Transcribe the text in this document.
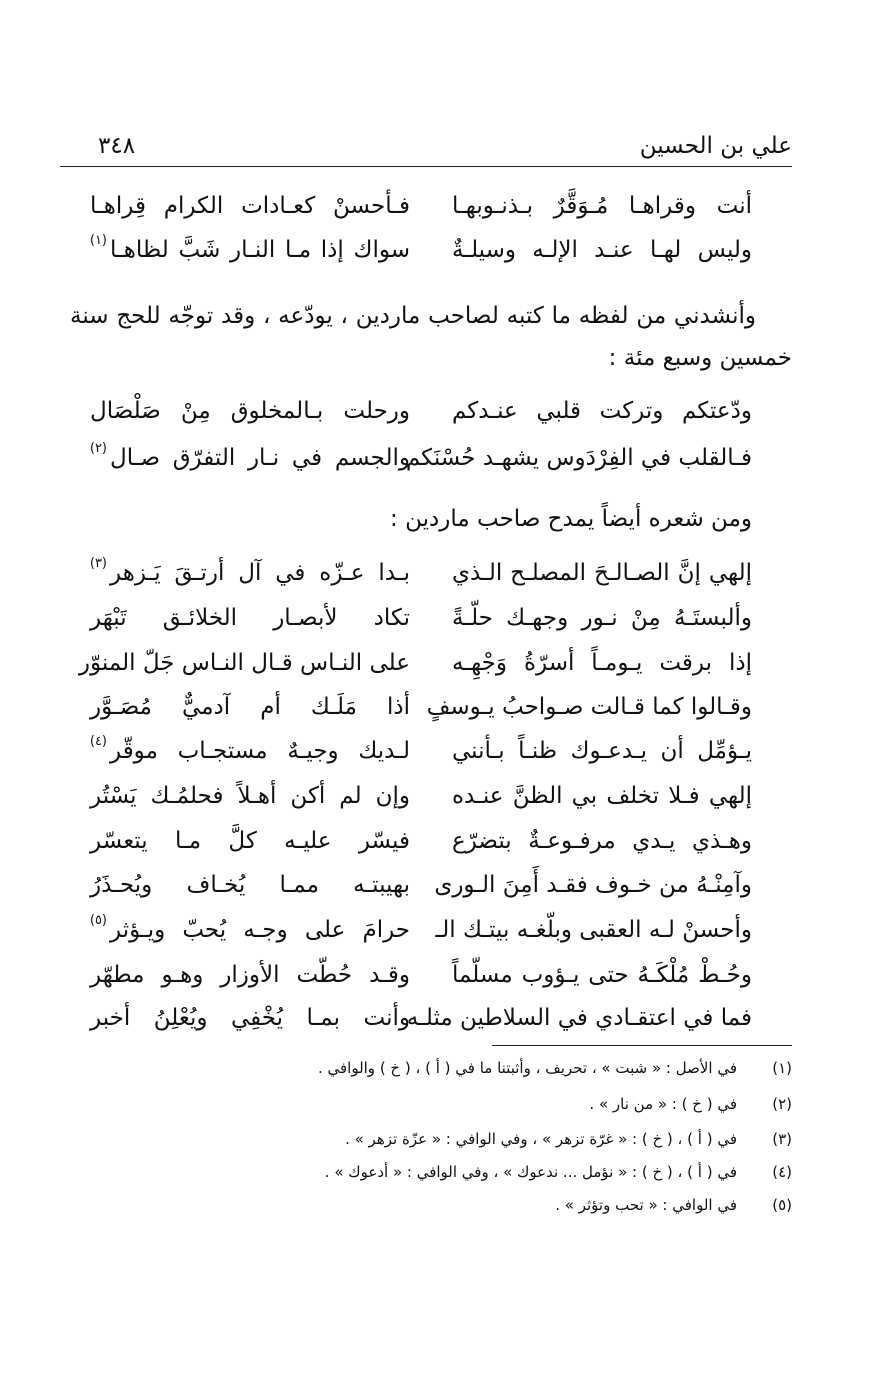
علي بن الحسين
٣٤٨
أنت وقراهـا مُـوَقَّرٌ بـذنـوبهـا
فـأحسنْ كعـادات الكرام قِراهـا
وليس لهـا عنـد الإلـه وسيلـةٌ
سواك إذا مـا النـار شَبَّ لظاهـا
(١)
وأنشدني من لفظه ما كتبه لصاحب ماردين ، يودّعه ، وقد توجّه للحج سنة
خمسين وسبع مئة :
ودّعتكم وتركت قلبي عنـدكم
ورحلت بـالمخلوق مِنْ صَلْصَال
فـالقلب في الفِرْدَوس يشهـد حُسْنَكم
والجسم في نـار التفرّق صـال
(٢)
ومن شعره أيضاً يمدح صاحب ماردين :
إلهي إنَّ الصـالـحَ المصلـح الـذي
بـدا عـزّه في آل أرتـقَ يَـزهر
(٣)
وألبستَـهُ مِنْ نـور وجهـك حلّـةً
تكاد لأبصـار الخلائـق تَبْهَر
إذا برقت يـومـاً أسرّةُ وَجْهِـه
على النـاس قـال النـاس جَلّ المنوّر
وقـالوا كما قـالت صـواحبُ يـوسفٍ
أذا مَلَـك أم آدميٌّ مُصَـوَّر
يـؤمِّل أن يـدعـوك ظنـاً بـأنني
لـديك وجيـهٌ مستجـاب موقّر
(٤)
إلهي فـلا تخلف بي الظنَّ عنـده
وإن لم أكن أهـلاً فحلمُـك يَسْتُر
وهـذي يـدي مرفـوعـةٌ بتضرّع
فيسّر عليـه كلَّ مـا يتعسّر
وآمِنْـهُ من خـوف فقـد أَمِنَ الـورى
بهيبتـه ممـا يُخـاف ويُحـذَرُ
وأحسنْ لـه العقبى وبلّغـه بيتـك الـ
حرامَ على وجـه يُحبّ ويـؤثر
(٥)
وحُـطْ مُلْكَـهُ حتى يـؤوب مسلّماً
وقـد حُطّت الأوزار وهـو مطهّر
فما في اعتقـادي في السلاطين مثلـه
وأنت بمـا يُخْفِي ويُعْلِنُ أخبر
(١)
في الأصل : « شبت » ، تحريف ، وأثبتنا ما في ( أ ) ، ( خ ) والوافي .
(٢)
في ( خ ) : « من نار » .
(٣)
في ( أ ) ، ( خ ) : « غرّة تزهر » ، وفي الوافي : « عزّة تزهر » .
(٤)
في ( أ ) ، ( خ ) : « نؤمل ... ندعوك » ، وفي الوافي : « أدعوك » .
(٥)
في الوافي : « تحب وتؤثر » .
